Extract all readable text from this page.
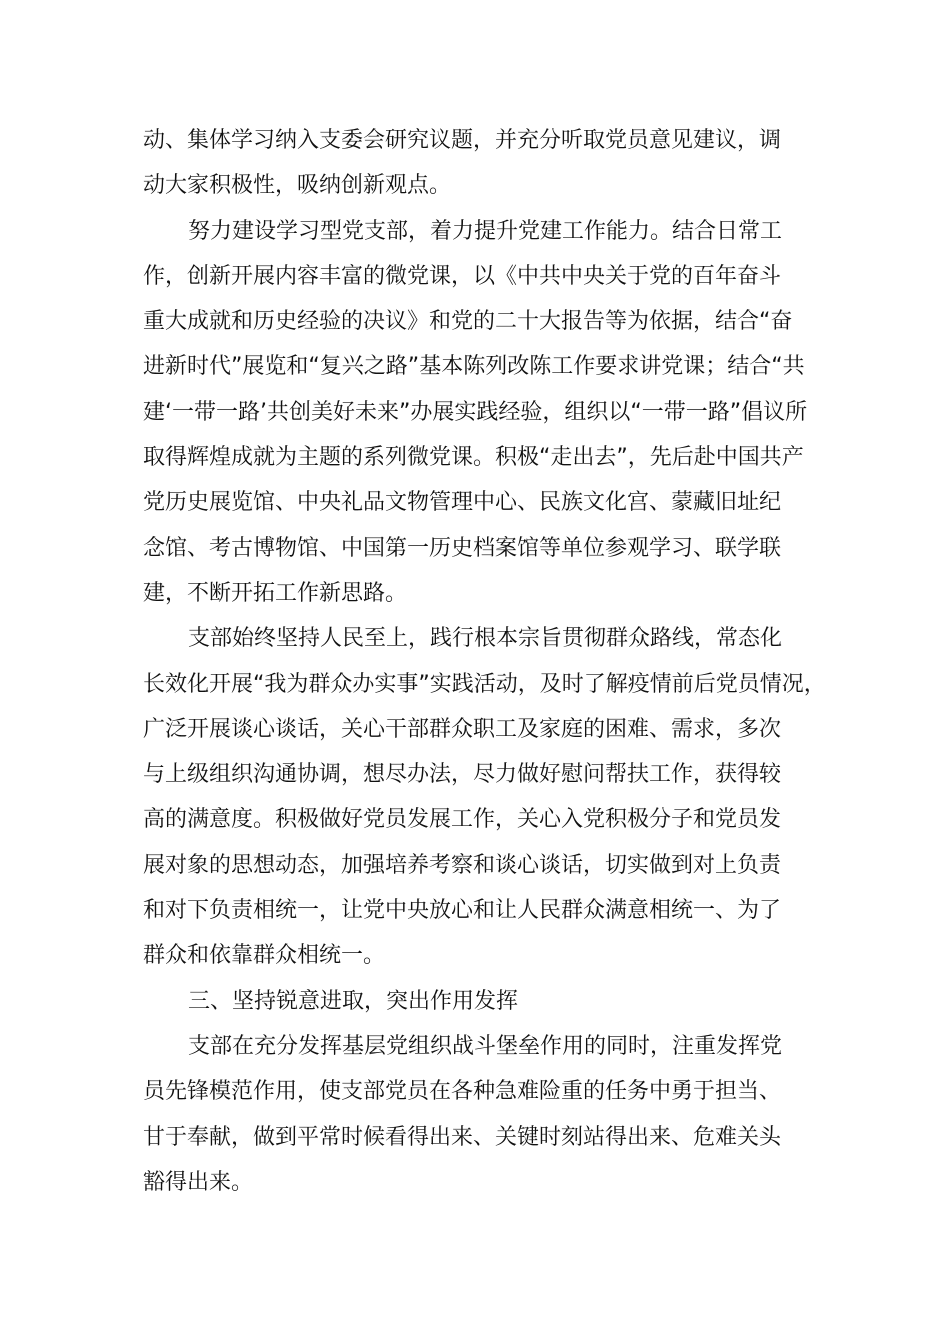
动、集体学习纳入支委会研究议题，并充分听取党员意见建议，调
动大家积极性，吸纳创新观点。
努力建设学习型党支部，着力提升党建工作能力。结合日常工
作，创新开展内容丰富的微党课，以《中共中央关于党的百年奋斗
重大成就和历史经验的决议》和党的二十大报告等为依据，结合“奋
进新时代”展览和“复兴之路”基本陈列改陈工作要求讲党课；结合“共
建‘一带一路’共创美好未来”办展实践经验，组织以“一带一路”倡议所
取得辉煌成就为主题的系列微党课。积极“走出去”，先后赴中国共产
党历史展览馆、中央礼品文物管理中心、民族文化宫、蒙藏旧址纪
念馆、考古博物馆、中国第一历史档案馆等单位参观学习、联学联
建，不断开拓工作新思路。
支部始终坚持人民至上，践行根本宗旨贯彻群众路线，常态化
长效化开展“我为群众办实事”实践活动，及时了解疫情前后党员情况，
广泛开展谈心谈话，关心干部群众职工及家庭的困难、需求，多次
与上级组织沟通协调，想尽办法，尽力做好慰问帮扶工作，获得较
高的满意度。积极做好党员发展工作，关心入党积极分子和党员发
展对象的思想动态，加强培养考察和谈心谈话，切实做到对上负责
和对下负责相统一，让党中央放心和让人民群众满意相统一、为了
群众和依靠群众相统一。
三、坚持锐意进取，突出作用发挥
支部在充分发挥基层党组织战斗堡垒作用的同时，注重发挥党
员先锋模范作用，使支部党员在各种急难险重的任务中勇于担当、
甘于奉献，做到平常时候看得出来、关键时刻站得出来、危难关头
豁得出来。
